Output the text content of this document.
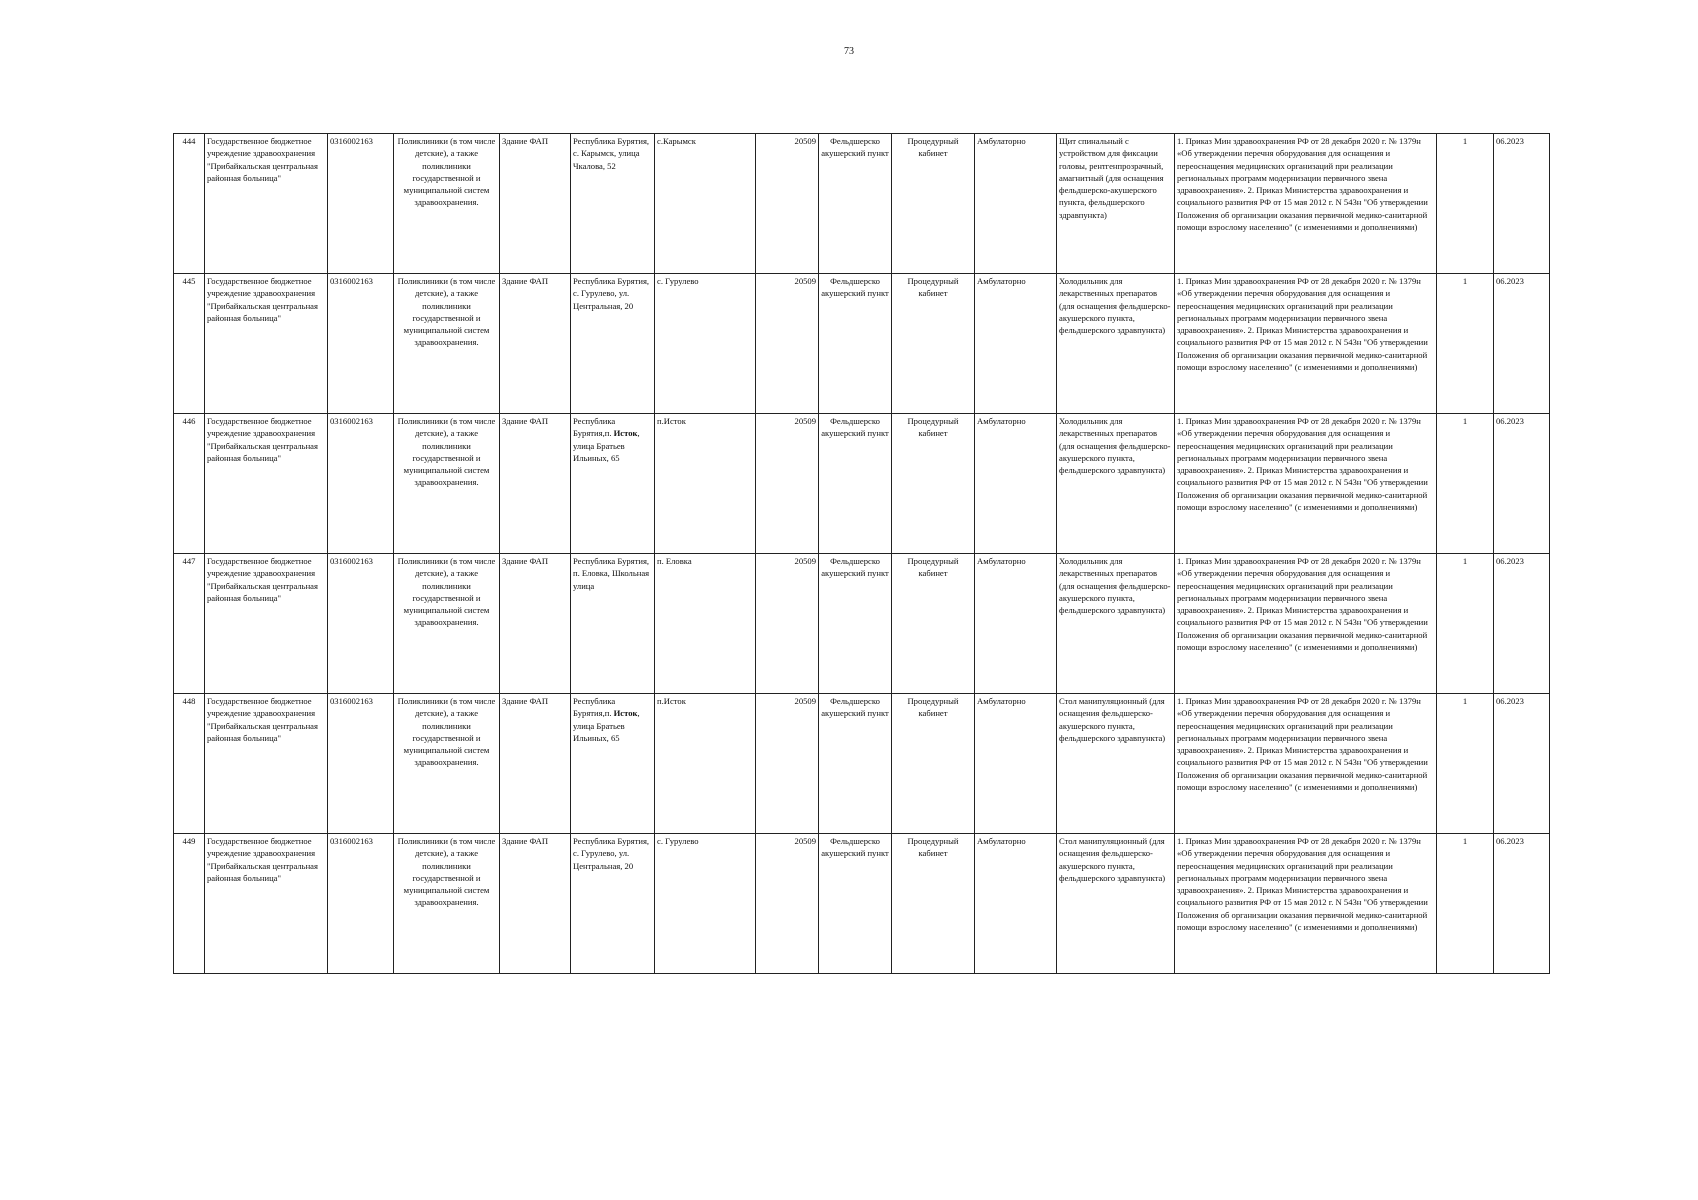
73
444	Государственное бюджетное учреждение здравоохранения "Прибайкальская центральная районная больница"	0316002163	Поликлиники (в том числе детские), а также поликлиники государственной и муниципальной систем здравоохранения.	Здание ФАП	Республика Бурятия, с. Карымск, улица Чкалова, 52	с.Карымск	20509	Фельдшерско акушерский пункт	Процедурный кабинет	Амбулаторно	Щит спинальный с устройством для фиксации головы, рентгенпрозрачный, амагнитный (для оснащения фельдшерско-акушерского пункта, фельдшерского здравпункта)	1. Приказ Мин здравоохранения РФ от 28 декабря 2020 г. № 1379н «Об утверждении перечня оборудования для оснащения и переоснащения медицинских организаций при реализации региональных программ модернизации первичного звена здравоохранения». 2. Приказ Министерства здравоохранения и социального развития РФ от 15 мая 2012 г. N 543н "Об утверждении Положения об организации оказания первичной медико-санитарной помощи взрослому населению" (с изменениями и дополнениями)	1	06.2023
445	Государственное бюджетное учреждение здравоохранения "Прибайкальская центральная районная больница"	0316002163	Поликлиники (в том числе детские), а также поликлиники государственной и муниципальной систем здравоохранения.	Здание ФАП	Республика Бурятия, с. Гурулево, ул. Центральная, 20	с. Гурулево	20509	Фельдшерско акушерский пункт	Процедурный кабинет	Амбулаторно	Холодильник для лекарственных препаратов (для оснащения фельдшерско-акушерского пункта, фельдшерского здравпункта)	1. Приказ Мин здравоохранения РФ от 28 декабря 2020 г. № 1379н «Об утверждении перечня оборудования для оснащения и переоснащения медицинских организаций при реализации региональных программ модернизации первичного звена здравоохранения». 2. Приказ Министерства здравоохранения и социального развития РФ от 15 мая 2012 г. N 543н "Об утверждении Положения об организации оказания первичной медико-санитарной помощи взрослому населению" (с изменениями и дополнениями)	1	06.2023
446	Государственное бюджетное учреждение здравоохранения "Прибайкальская центральная районная больница"	0316002163	Поликлиники (в том числе детские), а также поликлиники государственной и муниципальной систем здравоохранения.	Здание ФАП	Республика Бурятия,п. Исток, улица Братьев Ильиных, 65	п.Исток	20509	Фельдшерско акушерский пункт	Процедурный кабинет	Амбулаторно	Холодильник для лекарственных препаратов (для оснащения фельдшерско-акушерского пункта, фельдшерского здравпункта)	1. Приказ Мин здравоохранения РФ от 28 декабря 2020 г. № 1379н «Об утверждении перечня оборудования для оснащения и переоснащения медицинских организаций при реализации региональных программ модернизации первичного звена здравоохранения». 2. Приказ Министерства здравоохранения и социального развития РФ от 15 мая 2012 г. N 543н "Об утверждении Положения об организации оказания первичной медико-санитарной помощи взрослому населению" (с изменениями и дополнениями)	1	06.2023
447	Государственное бюджетное учреждение здравоохранения "Прибайкальская центральная районная больница"	0316002163	Поликлиники (в том числе детские), а также поликлиники государственной и муниципальной систем здравоохранения.	Здание ФАП	Республика Бурятия, п. Еловка, Школьная улица	п. Еловка	20509	Фельдшерско акушерский пункт	Процедурный кабинет	Амбулаторно	Холодильник для лекарственных препаратов (для оснащения фельдшерско-акушерского пункта, фельдшерского здравпункта)	1. Приказ Мин здравоохранения РФ от 28 декабря 2020 г. № 1379н «Об утверждении перечня оборудования для оснащения и переоснащения медицинских организаций при реализации региональных программ модернизации первичного звена здравоохранения». 2. Приказ Министерства здравоохранения и социального развития РФ от 15 мая 2012 г. N 543н "Об утверждении Положения об организации оказания первичной медико-санитарной помощи взрослому населению" (с изменениями и дополнениями)	1	06.2023
448	Государственное бюджетное учреждение здравоохранения "Прибайкальская центральная районная больница"	0316002163	Поликлиники (в том числе детские), а также поликлиники государственной и муниципальной систем здравоохранения.	Здание ФАП	Республика Бурятия,п. Исток, улица Братьев Ильиных, 65	п.Исток	20509	Фельдшерско акушерский пункт	Процедурный кабинет	Амбулаторно	Стол манипуляционный (для оснащения фельдшерско-акушерского пункта, фельдшерского здравпункта)	1. Приказ Мин здравоохранения РФ от 28 декабря 2020 г. № 1379н «Об утверждении перечня оборудования для оснащения и переоснащения медицинских организаций при реализации региональных программ модернизации первичного звена здравоохранения». 2. Приказ Министерства здравоохранения и социального развития РФ от 15 мая 2012 г. N 543н "Об утверждении Положения об организации оказания первичной медико-санитарной помощи взрослому населению" (с изменениями и дополнениями)	1	06.2023
449	Государственное бюджетное учреждение здравоохранения "Прибайкальская центральная районная больница"	0316002163	Поликлиники (в том числе детские), а также поликлиники государственной и муниципальной систем здравоохранения.	Здание ФАП	Республика Бурятия, с. Гурулево, ул. Центральная, 20	с. Гурулево	20509	Фельдшерско акушерский пункт	Процедурный кабинет	Амбулаторно	Стол манипуляционный (для оснащения фельдшерско-акушерского пункта, фельдшерского здравпункта)	1. Приказ Мин здравоохранения РФ от 28 декабря 2020 г. № 1379н «Об утверждении перечня оборудования для оснащения и переоснащения медицинских организаций при реализации региональных программ модернизации первичного звена здравоохранения». 2. Приказ Министерства здравоохранения и социального развития РФ от 15 мая 2012 г. N 543н "Об утверждении Положения об организации оказания первичной медико-санитарной помощи взрослому населению" (с изменениями и дополнениями)	1	06.2023
